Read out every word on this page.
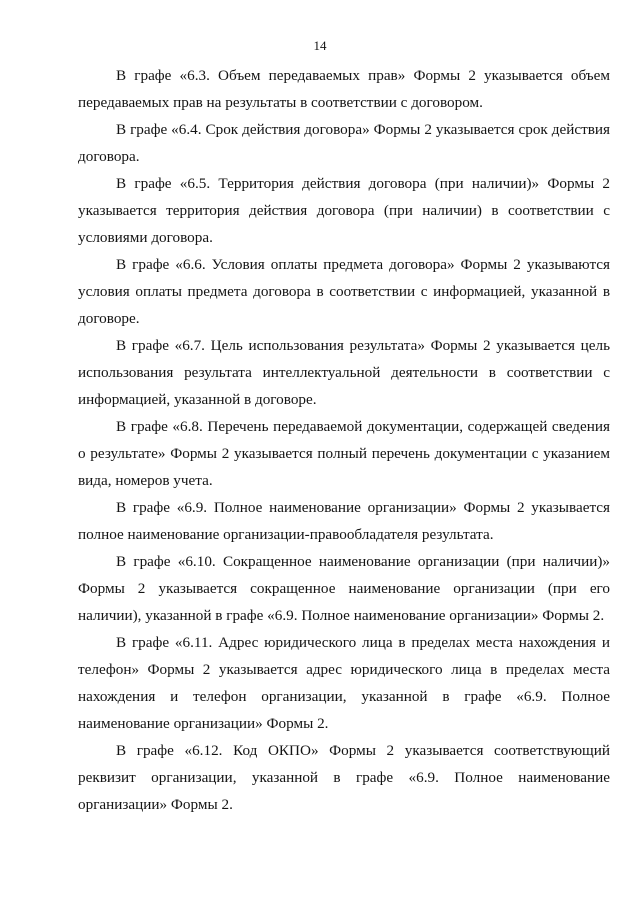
14

В графе «6.3. Объем передаваемых прав» Формы 2 указывается объем передаваемых прав на результаты в соответствии с договором.

В графе «6.4. Срок действия договора» Формы 2 указывается срок действия договора.

В графе «6.5. Территория действия договора (при наличии)» Формы 2 указывается территория действия договора (при наличии) в соответствии с условиями договора.

В графе «6.6. Условия оплаты предмета договора» Формы 2 указываются условия оплаты предмета договора в соответствии с информацией, указанной в договоре.

В графе «6.7. Цель использования результата» Формы 2 указывается цель использования результата интеллектуальной деятельности в соответствии с информацией, указанной в договоре.

В графе «6.8. Перечень передаваемой документации, содержащей сведения о результате» Формы 2 указывается полный перечень документации с указанием вида, номеров учета.

В графе «6.9. Полное наименование организации» Формы 2 указывается полное наименование организации-правообладателя результата.

В графе «6.10. Сокращенное наименование организации (при наличии)» Формы 2 указывается сокращенное наименование организации (при его наличии), указанной в графе «6.9. Полное наименование организации» Формы 2.

В графе «6.11. Адрес юридического лица в пределах места нахождения и телефон» Формы 2 указывается адрес юридического лица в пределах места нахождения и телефон организации, указанной в графе «6.9. Полное наименование организации» Формы 2.

В графе «6.12. Код ОКПО» Формы 2 указывается соответствующий реквизит организации, указанной в графе «6.9. Полное наименование организации» Формы 2.
